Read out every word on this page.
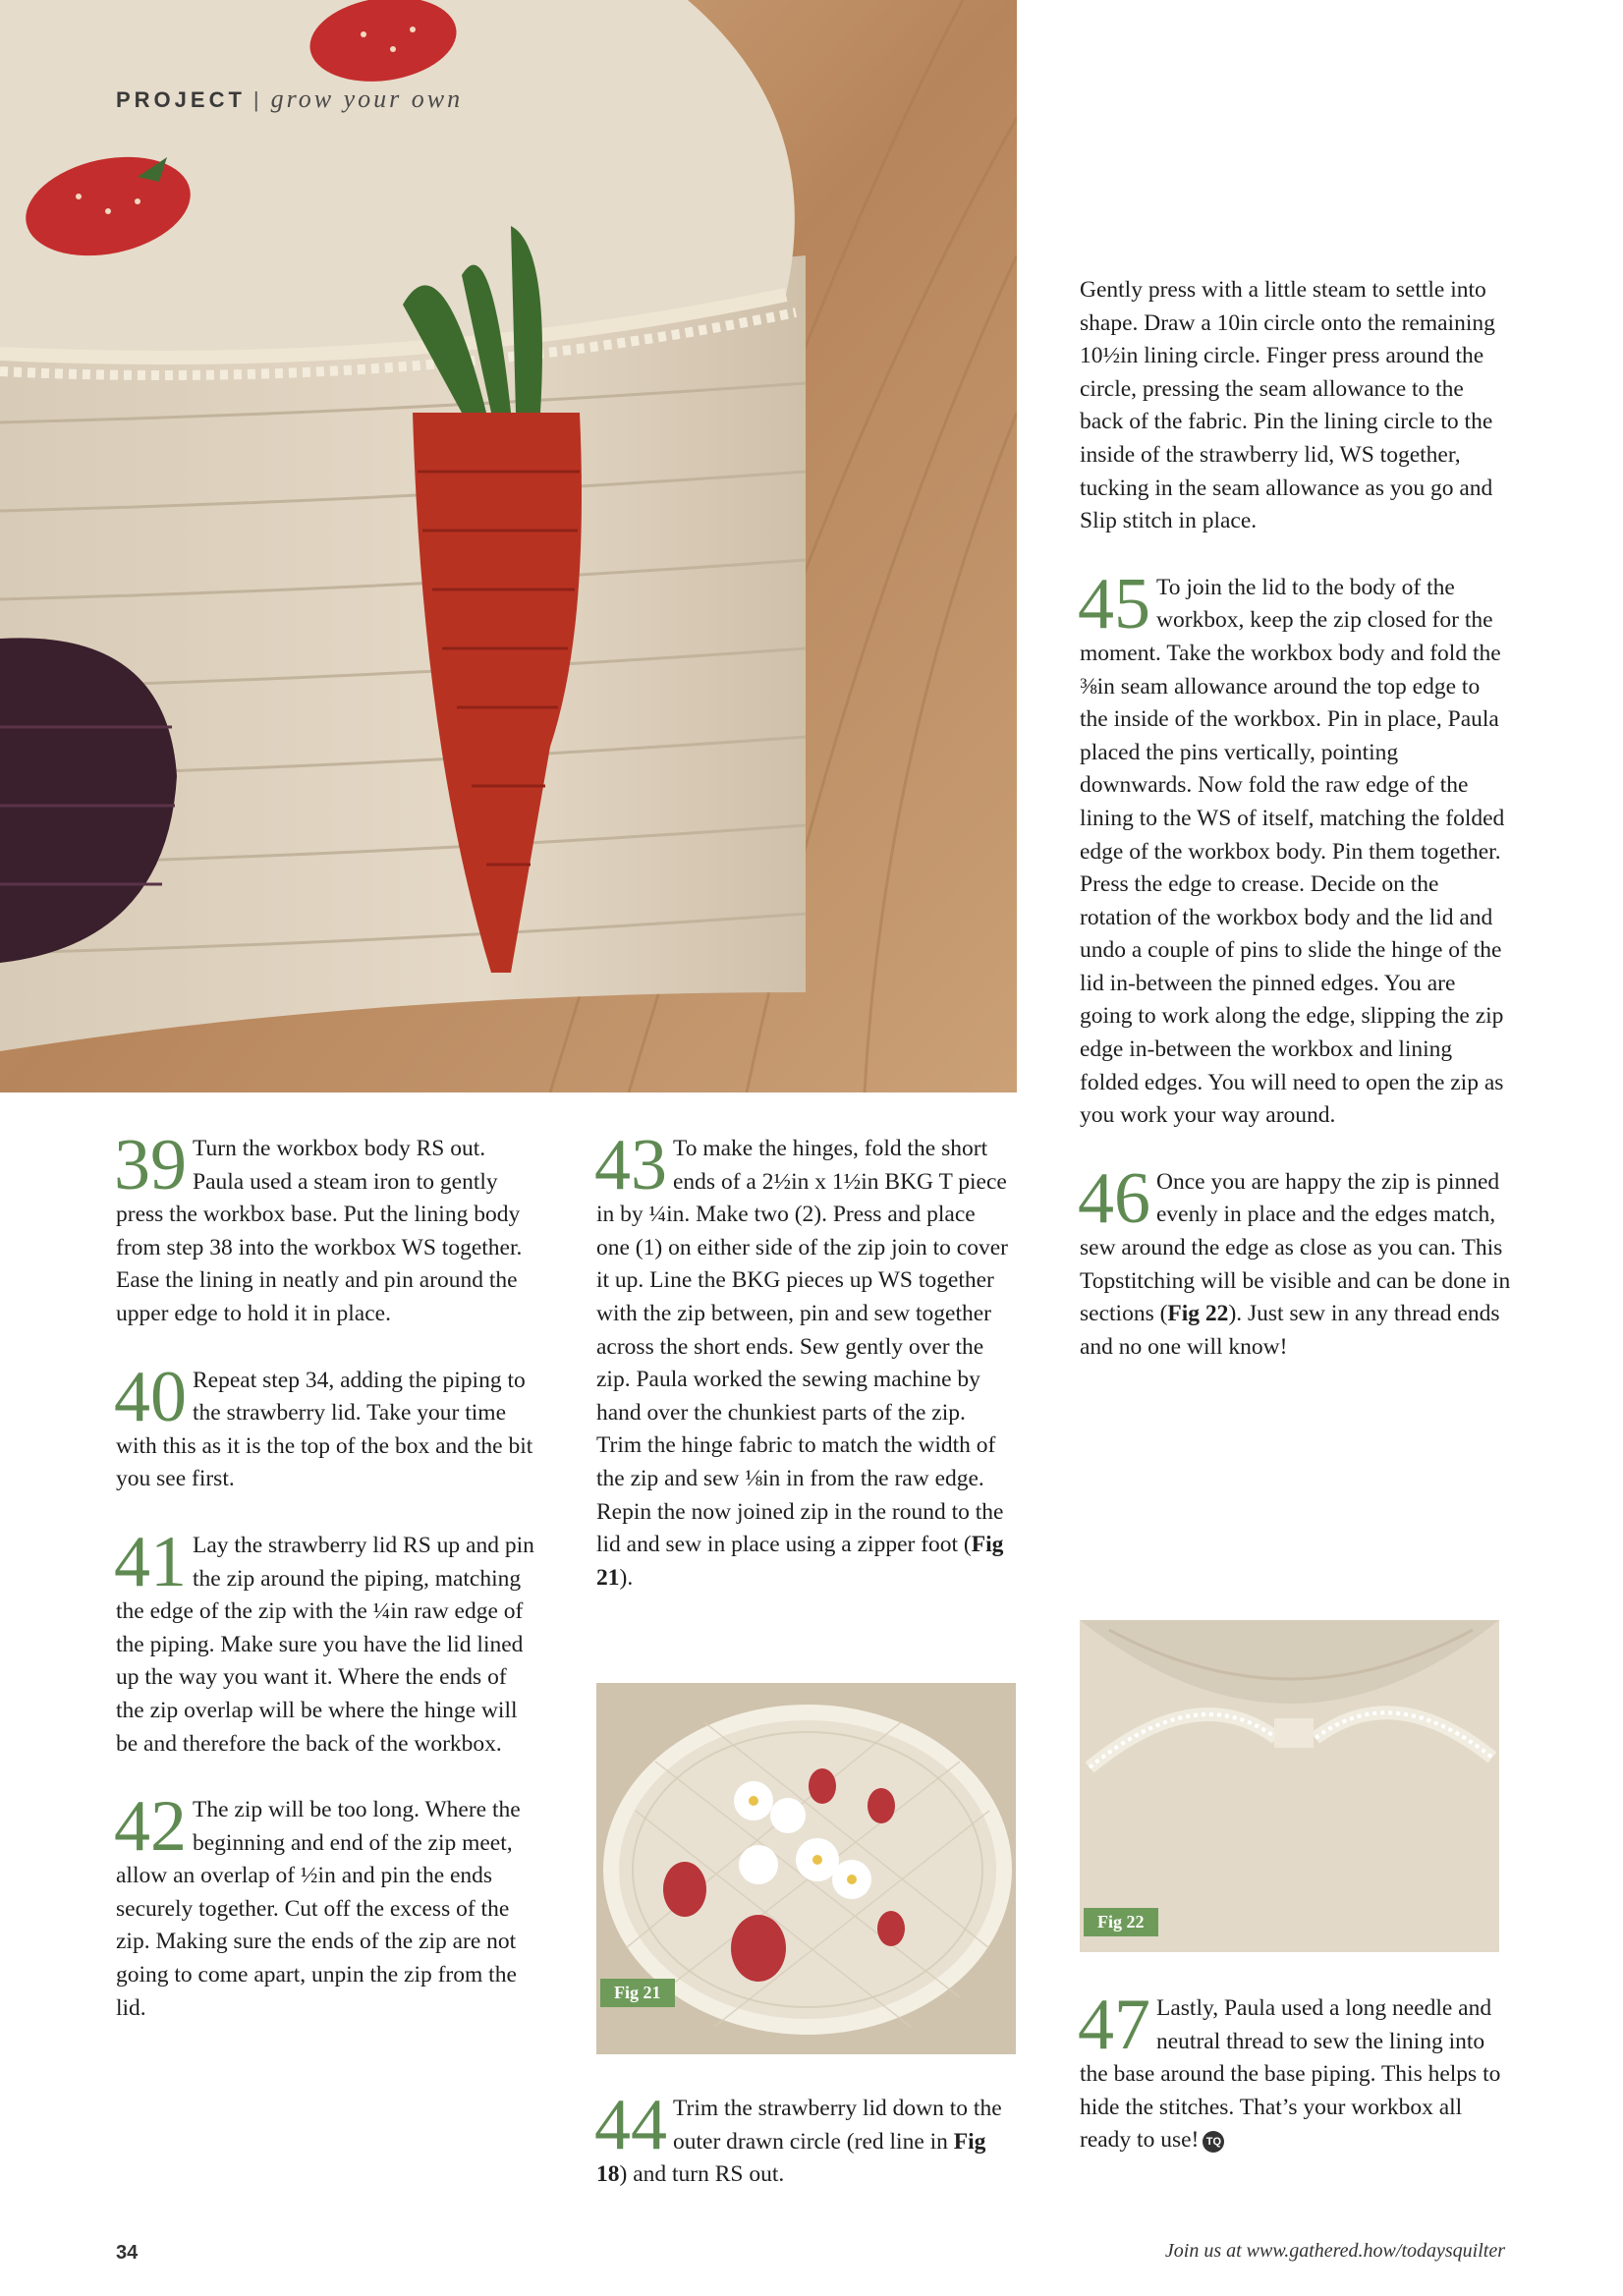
PROJECT | grow your own

Gently press with a little steam to settle into shape. Draw a 10in circle onto the remaining 10½in lining circle. Finger press around the circle, pressing the seam allowance to the back of the fabric. Pin the lining circle to the inside of the strawberry lid, WS together, tucking in the seam allowance as you go and Slip stitch in place.

45 To join the lid to the body of the workbox, keep the zip closed for the moment. Take the workbox body and fold the ⅜in seam allowance around the top edge to the inside of the workbox. Pin in place, Paula placed the pins vertically, pointing downwards. Now fold the raw edge of the lining to the WS of itself, matching the folded edge of the workbox body. Pin them together. Press the edge to crease. Decide on the rotation of the workbox body and the lid and undo a couple of pins to slide the hinge of the lid in-between the pinned edges. You are going to work along the edge, slipping the zip edge in-between the workbox and lining folded edges. You will need to open the zip as you work your way around.

46 Once you are happy the zip is pinned evenly in place and the edges match, sew around the edge as close as you can. This Topstitching will be visible and can be done in sections (Fig 22). Just sew in any thread ends and no one will know!

39 Turn the workbox body RS out. Paula used a steam iron to gently press the workbox base. Put the lining body from step 38 into the workbox WS together. Ease the lining in neatly and pin around the upper edge to hold it in place.

40 Repeat step 34, adding the piping to the strawberry lid. Take your time with this as it is the top of the box and the bit you see first.

41 Lay the strawberry lid RS up and pin the zip around the piping, matching the edge of the zip with the ¼in raw edge of the piping. Make sure you have the lid lined up the way you want it. Where the ends of the zip overlap will be where the hinge will be and therefore the back of the workbox.

42 The zip will be too long. Where the beginning and end of the zip meet, allow an overlap of ½in and pin the ends securely together. Cut off the excess of the zip. Making sure the ends of the zip are not going to come apart, unpin the zip from the lid.

43 To make the hinges, fold the short ends of a 2½in x 1½in BKG T piece in by ¼in. Make two (2). Press and place one (1) on either side of the zip join to cover it up. Line the BKG pieces up WS together with the zip between, pin and sew together across the short ends. Sew gently over the zip. Paula worked the sewing machine by hand over the chunkiest parts of the zip. Trim the hinge fabric to match the width of the zip and sew ⅛in in from the raw edge. Repin the now joined zip in the round to the lid and sew in place using a zipper foot (Fig 21).

Fig 21

44 Trim the strawberry lid down to the outer drawn circle (red line in Fig 18) and turn RS out.

Fig 22

47 Lastly, Paula used a long needle and neutral thread to sew the lining into the base around the base piping. This helps to hide the stitches. That’s your workbox all ready to use! TQ

34	Join us at www.gathered.how/todaysquilter
